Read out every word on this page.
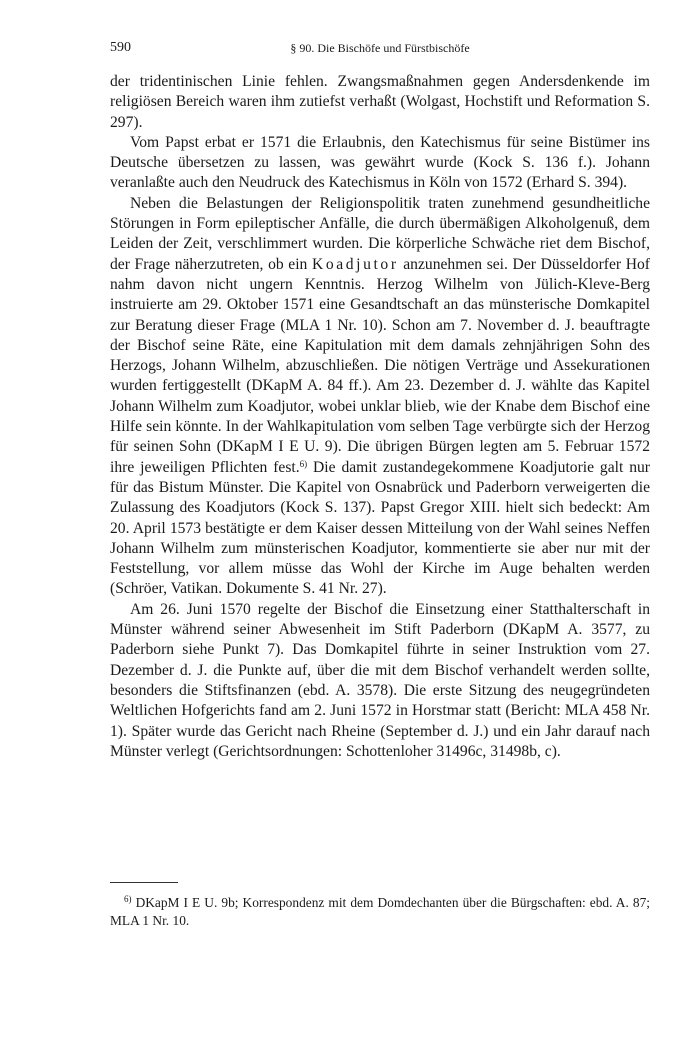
590	§ 90. Die Bischöfe und Fürstbischöfe

der tridentinischen Linie fehlen. Zwangsmaßnahmen gegen Andersdenkende im religiösen Bereich waren ihm zutiefst verhaßt (Wolgast, Hochstift und Reformation S. 297).

Vom Papst erbat er 1571 die Erlaubnis, den Katechismus für seine Bistümer ins Deutsche übersetzen zu lassen, was gewährt wurde (Kock S. 136 f.). Johann veranlaßte auch den Neudruck des Katechismus in Köln von 1572 (Erhard S. 394).

Neben die Belastungen der Religionspolitik traten zunehmend gesundheitliche Störungen in Form epileptischer Anfälle, die durch übermäßigen Alkoholgenuß, dem Leiden der Zeit, verschlimmert wurden. Die körperliche Schwäche riet dem Bischof, der Frage näherzutreten, ob ein Koadjutor anzunehmen sei. Der Düsseldorfer Hof nahm davon nicht ungern Kenntnis. Herzog Wilhelm von Jülich-Kleve-Berg instruierte am 29. Oktober 1571 eine Gesandtschaft an das münsterische Domkapitel zur Beratung dieser Frage (MLA 1 Nr. 10). Schon am 7. November d. J. beauftragte der Bischof seine Räte, eine Kapitulation mit dem damals zehnjährigen Sohn des Herzogs, Johann Wilhelm, abzuschließen. Die nötigen Verträge und Assekurationen wurden fertiggestellt (DKapM A. 84 ff.). Am 23. Dezember d. J. wählte das Kapitel Johann Wilhelm zum Koadjutor, wobei unklar blieb, wie der Knabe dem Bischof eine Hilfe sein könnte. In der Wahlkapitulation vom selben Tage verbürgte sich der Herzog für seinen Sohn (DKapM I E U. 9). Die übrigen Bürgen legten am 5. Februar 1572 ihre jeweiligen Pflichten fest.$^{6)}$ Die damit zustandegekommene Koadjutorie galt nur für das Bistum Münster. Die Kapitel von Osnabrück und Paderborn verweigerten die Zulassung des Koadjutors (Kock S. 137). Papst Gregor XIII. hielt sich bedeckt: Am 20. April 1573 bestätigte er dem Kaiser dessen Mitteilung von der Wahl seines Neffen Johann Wilhelm zum münsterischen Koadjutor, kommentierte sie aber nur mit der Feststellung, vor allem müsse das Wohl der Kirche im Auge behalten werden (Schröer, Vatikan. Dokumente S. 41 Nr. 27).

Am 26. Juni 1570 regelte der Bischof die Einsetzung einer Statthalterschaft in Münster während seiner Abwesenheit im Stift Paderborn (DKapM A. 3577, zu Paderborn siehe Punkt 7). Das Domkapitel führte in seiner Instruktion vom 27. Dezember d. J. die Punkte auf, über die mit dem Bischof verhandelt werden sollte, besonders die Stiftsfinanzen (ebd. A. 3578). Die erste Sitzung des neugegründeten Weltlichen Hofgerichts fand am 2. Juni 1572 in Horstmar statt (Bericht: MLA 458 Nr. 1). Später wurde das Gericht nach Rheine (September d. J.) und ein Jahr darauf nach Münster verlegt (Gerichtsordnungen: Schottenloher 31496c, 31498b, c).

$^{6)}$ DKapM I E U. 9b; Korrespondenz mit dem Domdechanten über die Bürgschaften: ebd. A. 87; MLA 1 Nr. 10.
